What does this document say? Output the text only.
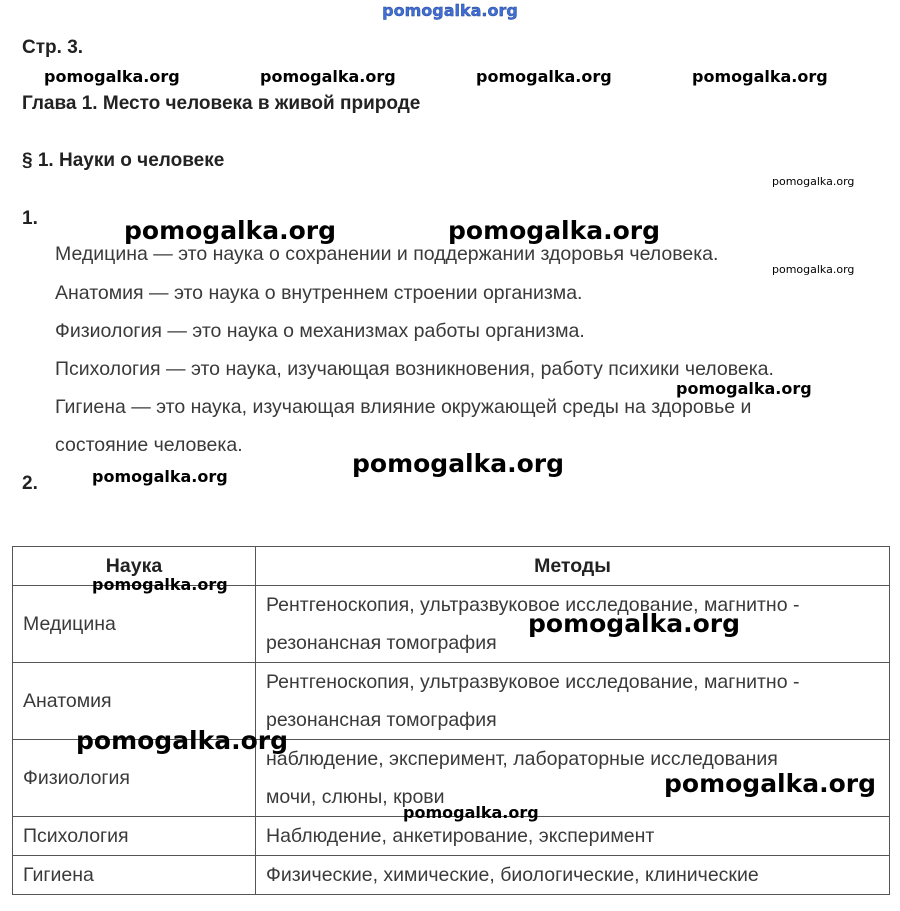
pomogalka.org
Стр. 3.
Глава 1. Место человека в живой природе
§ 1. Науки о человеке
pomogalka.org	pomogalka.org	pomogalka.org	pomogalka.org
pomogalka.org
1.	pomogalka.org	pomogalka.org
Медицина — это наука о сохранении и поддержании здоровья человека.
pomogalka.org
Анатомия — это наука о внутреннем строении организма.
Физиология — это наука о механизмах работы организма.
Психология — это наука, изучающая возникновения, работу психики человека.
pomogalka.org
Гигиена — это наука, изучающая влияние окружающей среды на здоровье и
состояние человека.
pomogalka.org
2.	pomogalka.org
Наука	Методы
Медицина	Рентгеноскопия, ультразвуковое исследование, магнитно -
резонансная томография
Анатомия	Рентгеноскопия, ультразвуковое исследование, магнитно -
резонансная томография
Физиология	наблюдение, эксперимент, лабораторные исследования
мочи, слюны, крови
Психология	Наблюдение, анкетирование, эксперимент
Гигиена	Физические, химические, биологические, клинические
pomogalka.org
pomogalka.org
pomogalka.org
pomogalka.org
pomogalka.org
